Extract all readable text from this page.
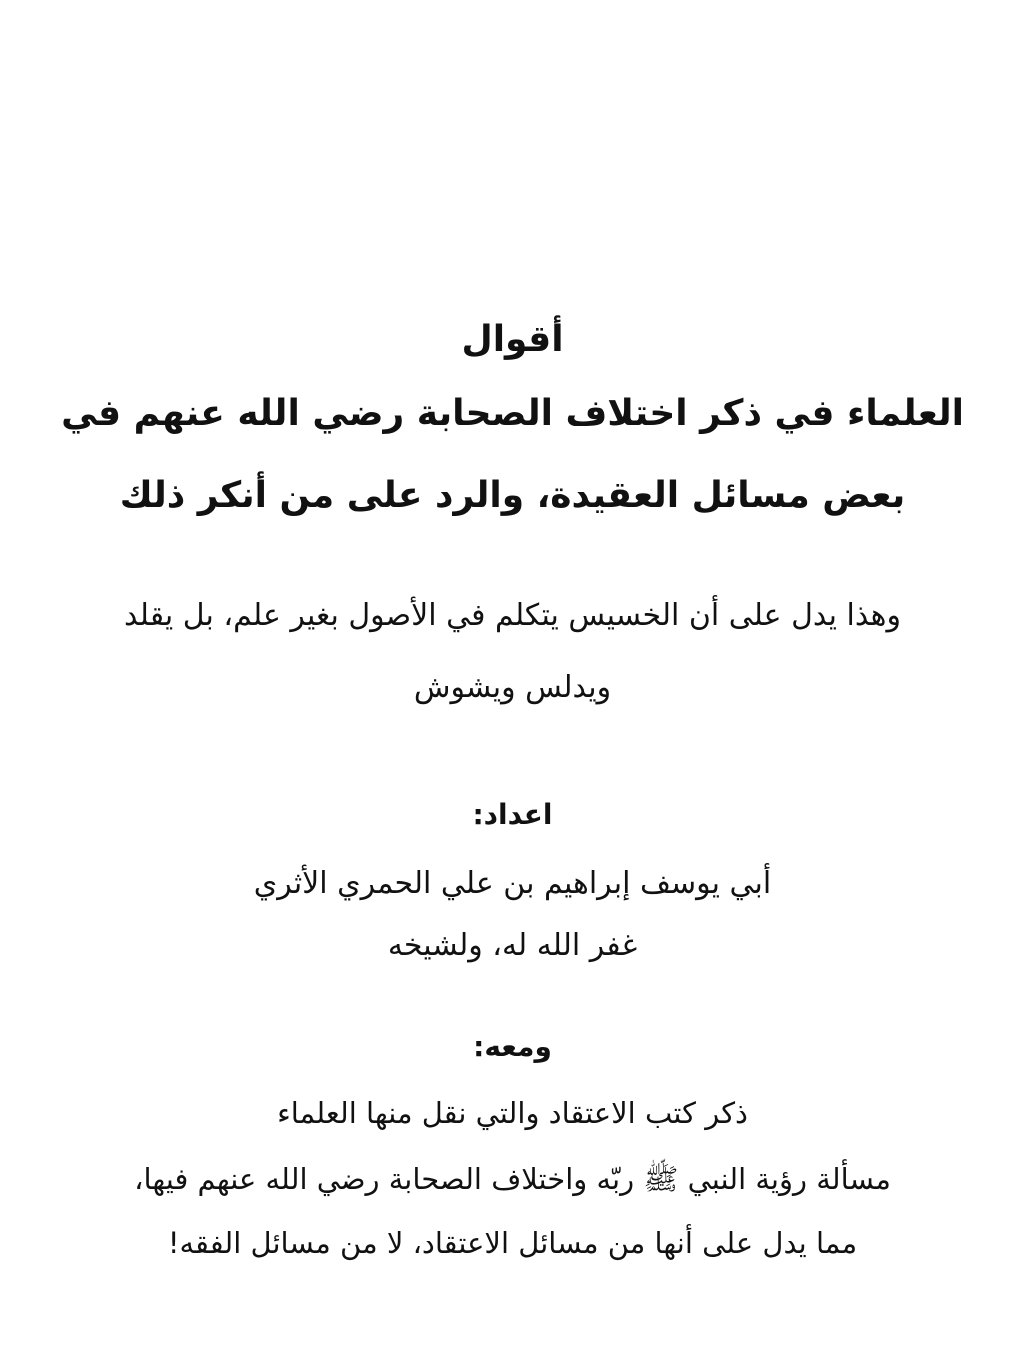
أقوال
العلماء في ذكر اختلاف الصحابة رضي الله عنهم في
بعض مسائل العقيدة، والرد على من أنكر ذلك
وهذا يدل على أن الخسيس يتكلم في الأصول بغير علم، بل يقلد
ويدلس ويشوش
اعداد:
أبي يوسف إبراهيم بن علي الحمري الأثري
غفر الله له، ولشيخه
ومعه:
ذكر كتب الاعتقاد والتي نقل منها العلماء
مسألة رؤية النبي ﷺ ربّه واختلاف الصحابة رضي الله عنهم فيها،
مما يدل على أنها من مسائل الاعتقاد، لا من مسائل الفقه!
